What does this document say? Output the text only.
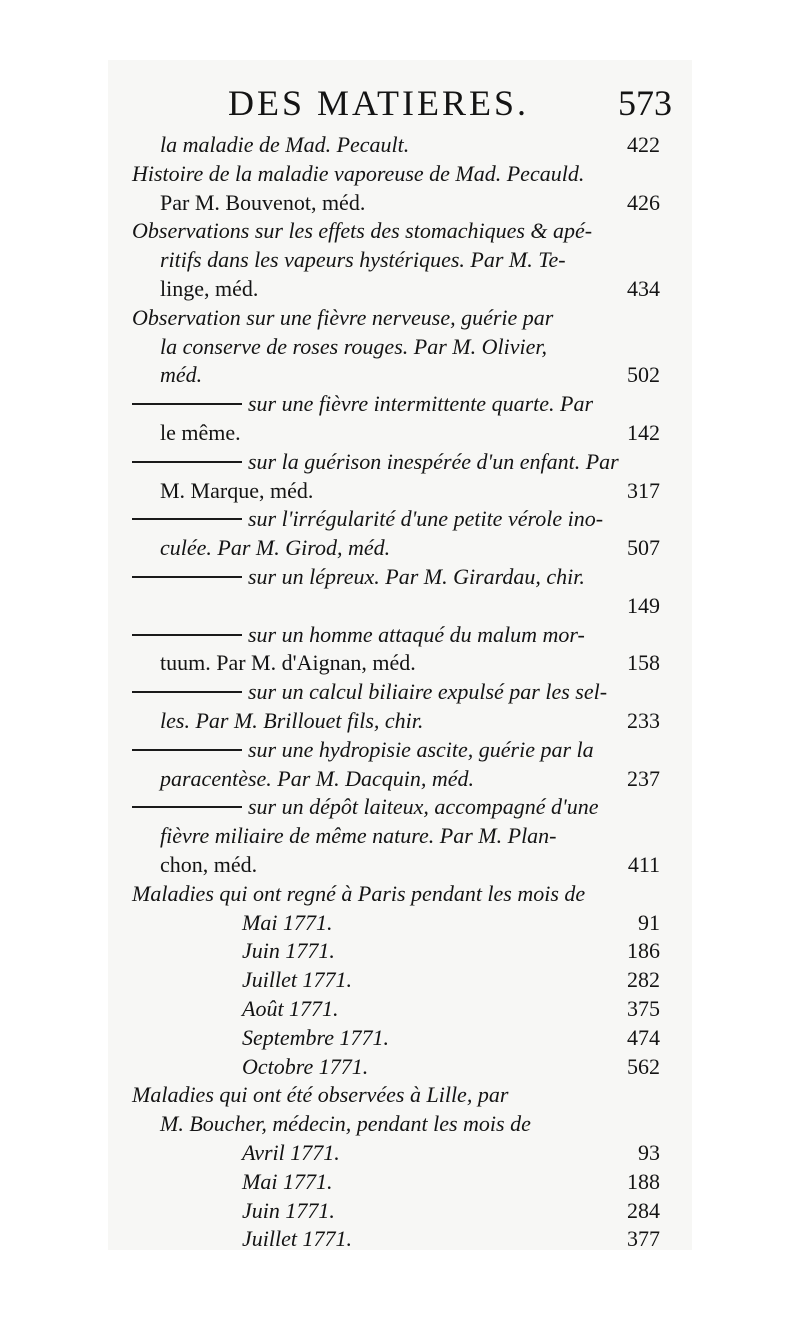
DES MATIERES. 573
la maladie de Mad. Pecault.	422
Histoire de la maladie vaporeuse de Mad. Pecauld.
Par M. Bouvenot, méd.	426
Observations sur les effets des stomachiques & apé-
ritifs dans les vapeurs hystériques. Par M. Te-
linge, méd.	434
Observation sur une fièvre nerveuse, guérie par
la conserve de roses rouges. Par M. Olivier,
méd.	502
sur une fièvre intermittente quarte. Par
le même.	142
sur la guérison inespérée d'un enfant. Par
M. Marque, méd.	317
sur l'irrégularité d'une petite vérole ino-
culée. Par M. Girod, méd.	507
sur un lépreux. Par M. Girardau, chir.
149
sur un homme attaqué du malum mor-
tuum. Par M. d'Aignan, méd.	158
sur un calcul biliaire expulsé par les sel-
les. Par M. Brillouet fils, chir.	233
sur une hydropisie ascite, guérie par la
paracentèse. Par M. Dacquin, méd.	237
sur un dépôt laiteux, accompagné d'une
fièvre miliaire de même nature. Par M. Plan-
chon, méd.	411
Maladies qui ont regné à Paris pendant les mois de
Mai 1771.	91
Juin 1771.	186
Juillet 1771.	282
Août 1771.	375
Septembre 1771.	474
Octobre 1771.	562
Maladies qui ont été observées à Lille, par
M. Boucher, médecin, pendant les mois de
Avril 1771.	93
Mai 1771.	188
Juin 1771.	284
Juillet 1771.	377
